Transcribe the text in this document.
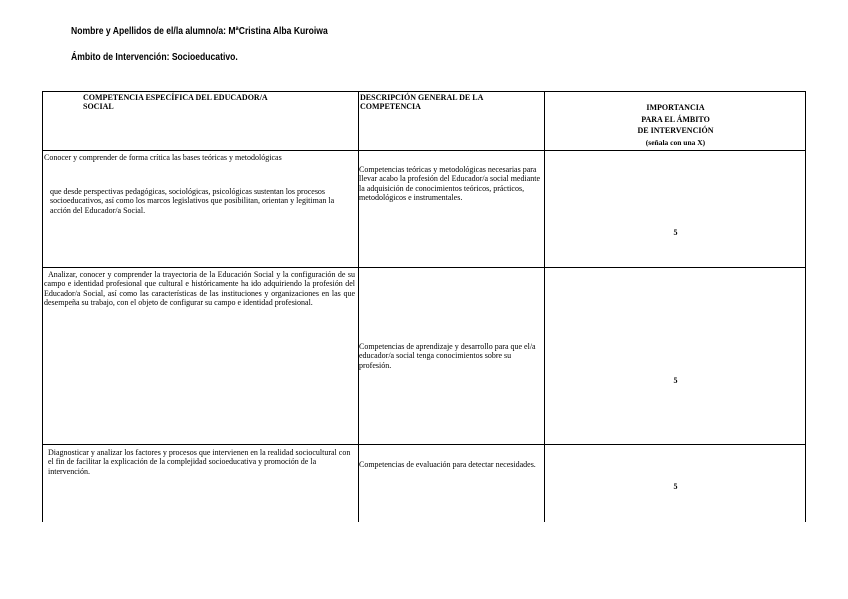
Nombre y Apellidos de el/la alumno/a: MªCristina Alba Kuroiwa
Ámbito de Intervención: Socioeducativo.
COMPETENCIA ESPECÍFICA DEL EDUCADOR/A SOCIAL
DESCRIPCIÓN GENERAL DE LA COMPETENCIA	IMPORTANCIA
PARA EL ÁMBITO
DE INTERVENCIÓN
(señala con una X)
Conocer y comprender de forma crítica las bases teóricas y metodológicas
que desde perspectivas pedagógicas, sociológicas, psicológicas sustentan los procesos socioeducativos, así como los marcos legislativos que posibilitan, orientan y legitiman la acción del Educador/a Social.
Competencias teóricas y metodológicas necesarias para llevar acabo la profesión del Educador/a social mediante la adquisición de conocimientos teóricos, prácticos, metodológicos e instrumentales.
5
Analizar, conocer y comprender la trayectoria de la Educación Social y la configuración de su campo e identidad profesional que cultural e históricamente ha ido adquiriendo la profesión del Educador/a Social, así como las características de las instituciones y organizaciones en las que desempeña su trabajo, con el objeto de configurar su campo e identidad profesional.
Competencias de aprendizaje y desarrollo para que el/a educador/a social tenga conocimientos sobre su profesión.
5
Diagnosticar y analizar los factores y procesos que intervienen en la realidad sociocultural con el fin de facilitar la explicación de la complejidad socioeducativa y promoción de la intervención.
Competencias de evaluación para detectar necesidades.
5
